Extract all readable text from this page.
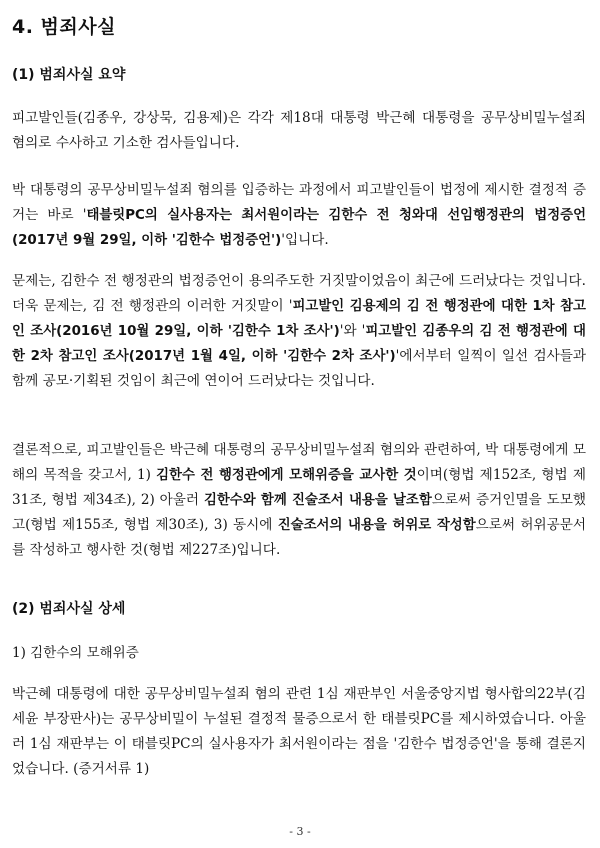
4. 범죄사실
(1) 범죄사실 요약

피고발인들(김종우, 강상묵, 김용제)은 각각 제18대 대통령 박근혜 대통령을 공무상비밀누설죄 혐의로 수사하고 기소한 검사들입니다.

박 대통령의 공무상비밀누설죄 혐의를 입증하는 과정에서 피고발인들이 법정에 제시한 결정적 증거는 바로 '태블릿PC의 실사용자는 최서원이라는 김한수 전 청와대 선임행정관의 법정증언(2017년 9월 29일, 이하 '김한수 법정증언')'입니다.

문제는, 김한수 전 행정관의 법정증언이 용의주도한 거짓말이었음이 최근에 드러났다는 것입니다. 더욱 문제는, 김 전 행정관의 이러한 거짓말이 '피고발인 김용제의 김 전 행정관에 대한 1차 참고인 조사(2016년 10월 29일, 이하 '김한수 1차 조사')'와 '피고발인 김종우의 김 전 행정관에 대한 2차 참고인 조사(2017년 1월 4일, 이하 '김한수 2차 조사')'에서부터 일찍이 일선 검사들과 함께 공모·기획된 것임이 최근에 연이어 드러났다는 것입니다.

결론적으로, 피고발인들은 박근혜 대통령의 공무상비밀누설죄 혐의와 관련하여, 박 대통령에게 모해의 목적을 갖고서, 1) 김한수 전 행정관에게 모해위증을 교사한 것이며(형법 제152조, 형법 제31조, 형법 제34조), 2) 아울러 김한수와 함께 진술조서 내용을 날조함으로써 증거인멸을 도모했고(형법 제155조, 형법 제30조), 3) 동시에 진술조서의 내용을 허위로 작성함으로써 허위공문서를 작성하고 행사한 것(형법 제227조)입니다.

(2) 범죄사실 상세
1) 김한수의 모해위증

박근혜 대통령에 대한 공무상비밀누설죄 혐의 관련 1심 재판부인 서울중앙지법 형사합의22부(김세윤 부장판사)는 공무상비밀이 누설된 결정적 물증으로서 한 태블릿PC를 제시하였습니다. 아울러 1심 재판부는 이 태블릿PC의 실사용자가 최서원이라는 점을 '김한수 법정증언'을 통해 결론지었습니다. (증거서류 1)

- 3 -
